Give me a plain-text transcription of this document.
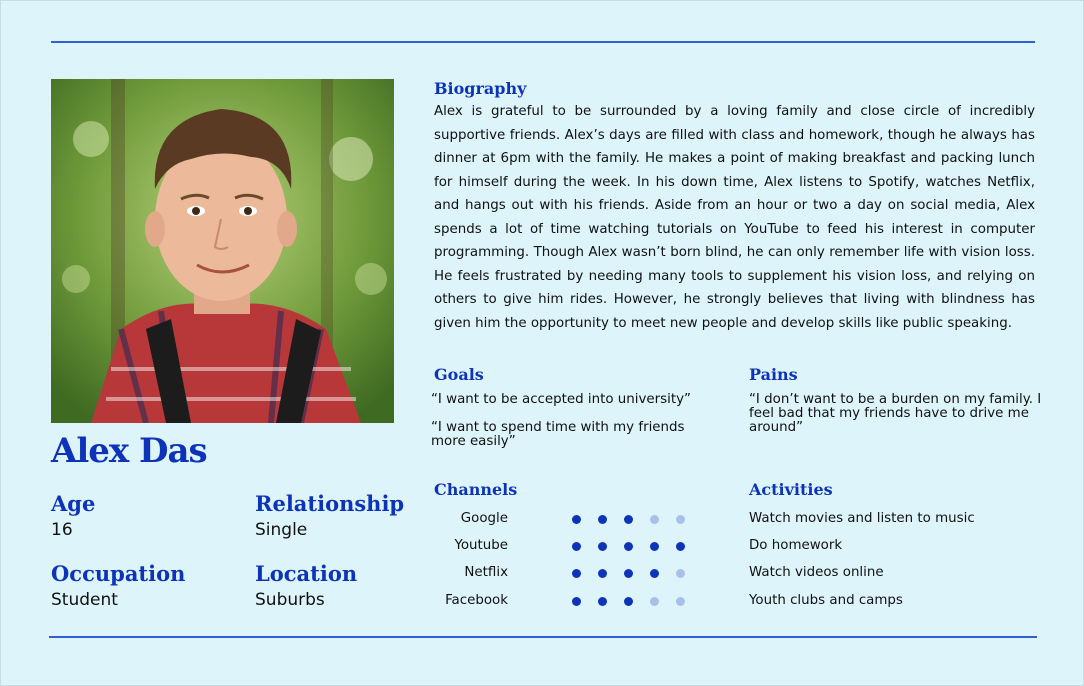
Alex Das
Age
16
Relationship
Single
Occupation
Student
Location
Suburbs
Biography
Alex is grateful to be surrounded by a loving family and close circle of incredibly supportive friends. Alex’s days are filled with class and homework, though he always has dinner at 6pm with the family. He makes a point of making breakfast and packing lunch for himself during the week. In his down time, Alex listens to Spotify, watches Netflix, and hangs out with his friends. Aside from an hour or two a day on social media, Alex spends a lot of time watching tutorials on YouTube to feed his interest in computer programming. Though Alex wasn’t born blind, he can only remember life with vision loss. He feels frustrated by needing many tools to supplement his vision loss, and relying on others to give him rides. However, he strongly believes that living with blindness has given him the opportunity to meet new people and develop skills like public speaking.
Goals
“I want to be accepted into university”
“I want to spend time with my friends more easily”
Pains
“I don’t want to be a burden on my family. I feel bad that my friends have to drive me around”
Channels
Google
Youtube
Netflix
Facebook
Activities
Watch movies and listen to music
Do homework
Watch videos online
Youth clubs and camps
